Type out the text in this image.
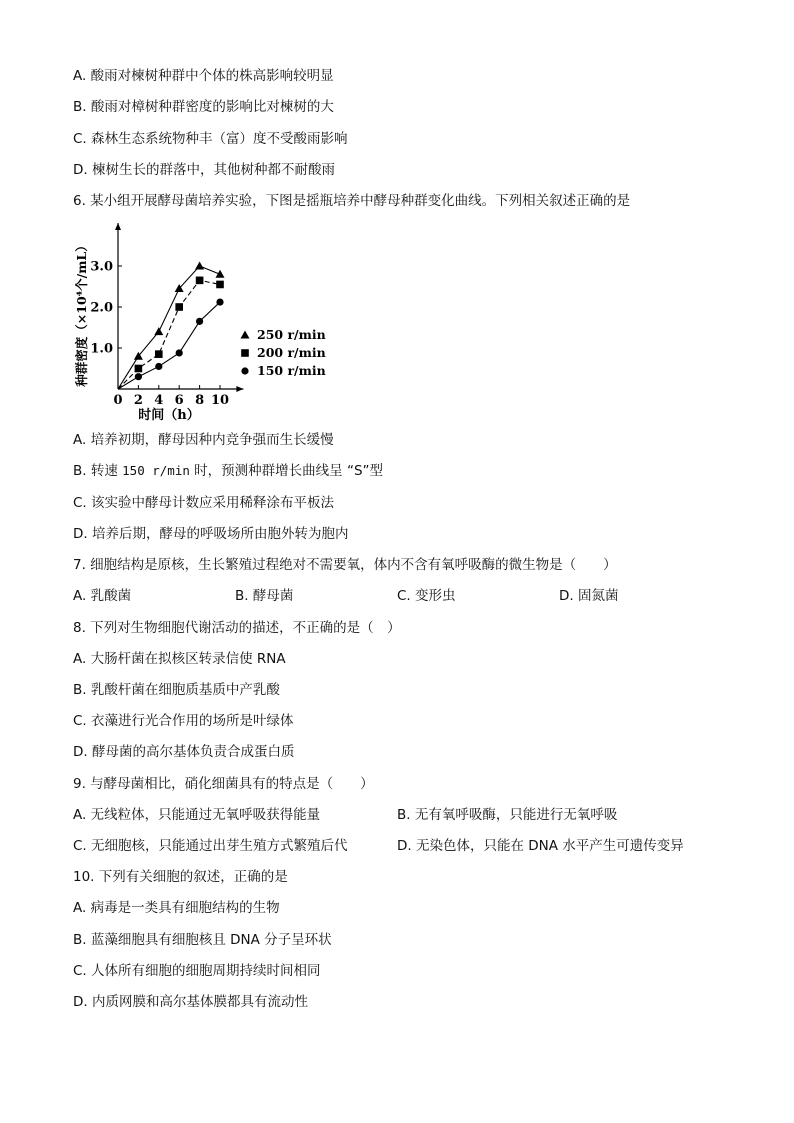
A. 酸雨对楝树种群中个体的株高影响较明显
B. 酸雨对樟树种群密度的影响比对楝树的大
C. 森林生态系统物种丰（富）度不受酸雨影响
D. 楝树生长的群落中，其他树种都不耐酸雨
6. 某小组开展酵母菌培养实验，下图是摇瓶培养中酵母种群变化曲线。下列相关叙述正确的是
0 2 4 6 8 10
1.0
2.0
3.0
时间（h）
种群密度（×10⁴个/mL）	250 r/min
200 r/min
150 r/min
A. 培养初期，酵母因种内竞争强而生长缓慢
B. 转速 150 r/min 时，预测种群增长曲线呈 “S”型
C. 该实验中酵母计数应采用稀释涂布平板法
D. 培养后期，酵母的呼吸场所由胞外转为胞内
7. 细胞结构是原核，生长繁殖过程绝对不需要氧，体内不含有氧呼吸酶的微生物是（　　）
A. 乳酸菌	B. 酵母菌	C. 变形虫	D. 固氮菌
8. 下列对生物细胞代谢活动的描述，不正确的是（　）
A. 大肠杆菌在拟核区转录信使 RNA
B. 乳酸杆菌在细胞质基质中产乳酸
C. 衣藻进行光合作用的场所是叶绿体
D. 酵母菌的高尔基体负责合成蛋白质
9. 与酵母菌相比，硝化细菌具有的特点是（　　）
A. 无线粒体，只能通过无氧呼吸获得能量	B. 无有氧呼吸酶，只能进行无氧呼吸
C. 无细胞核，只能通过出芽生殖方式繁殖后代	D. 无染色体，只能在 DNA 水平产生可遗传变异
10. 下列有关细胞的叙述，正确的是
A. 病毒是一类具有细胞结构的生物
B. 蓝藻细胞具有细胞核且 DNA 分子呈环状
C. 人体所有细胞的细胞周期持续时间相同
D. 内质网膜和高尔基体膜都具有流动性
